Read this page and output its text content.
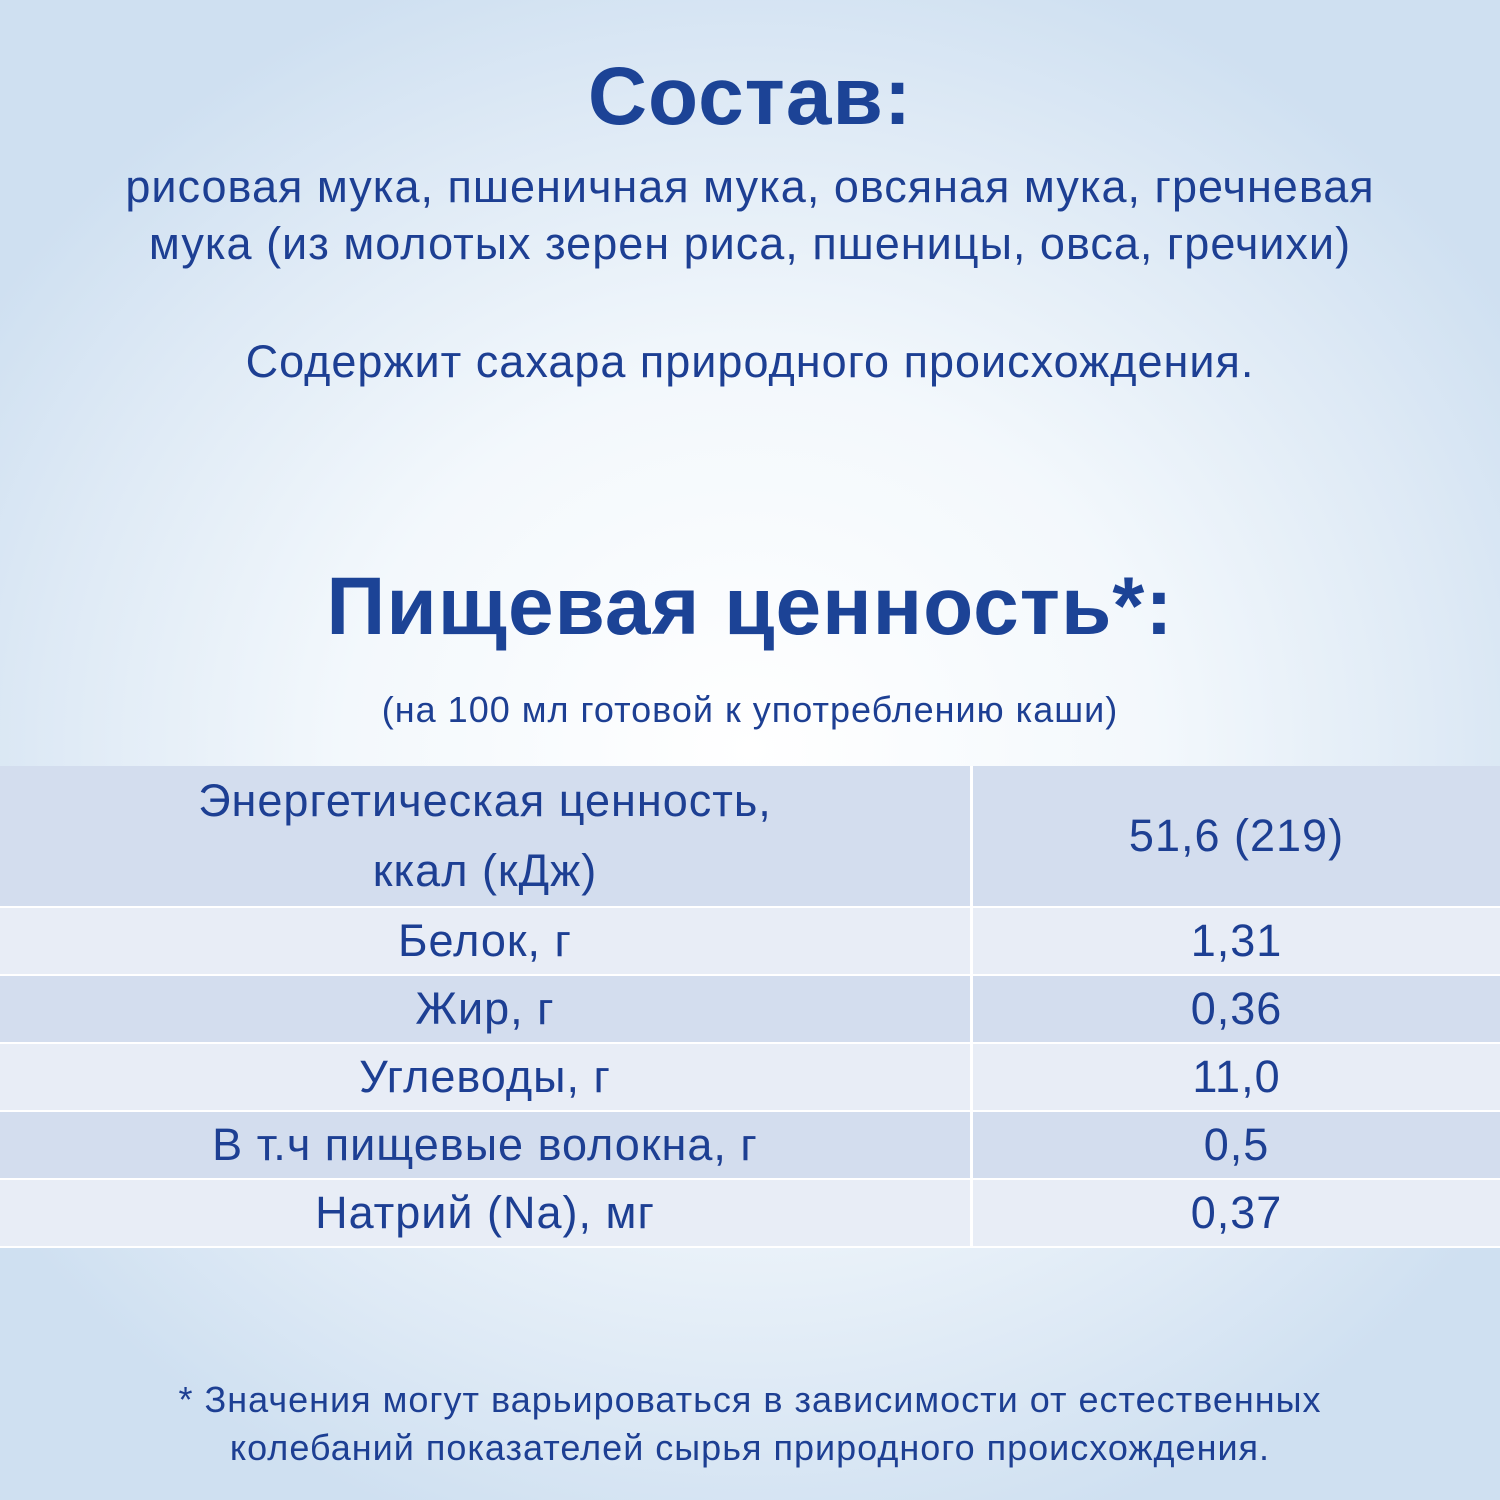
Состав:
рисовая мука, пшеничная мука, овсяная мука, гречневая
мука (из молотых зерен риса, пшеницы, овса, гречихи)
Содержит сахара природного происхождения.
Пищевая ценность*:
(на 100 мл готовой к употреблению каши)
Энергетическая ценность,
ккал (кДж)	51,6 (219)
Белок, г	1,31
Жир, г	0,36
Углеводы, г	11,0
В т.ч пищевые волокна, г	0,5
Натрий (Na), мг	0,37
* Значения могут варьироваться в зависимости от естественных
колебаний показателей сырья природного происхождения.
